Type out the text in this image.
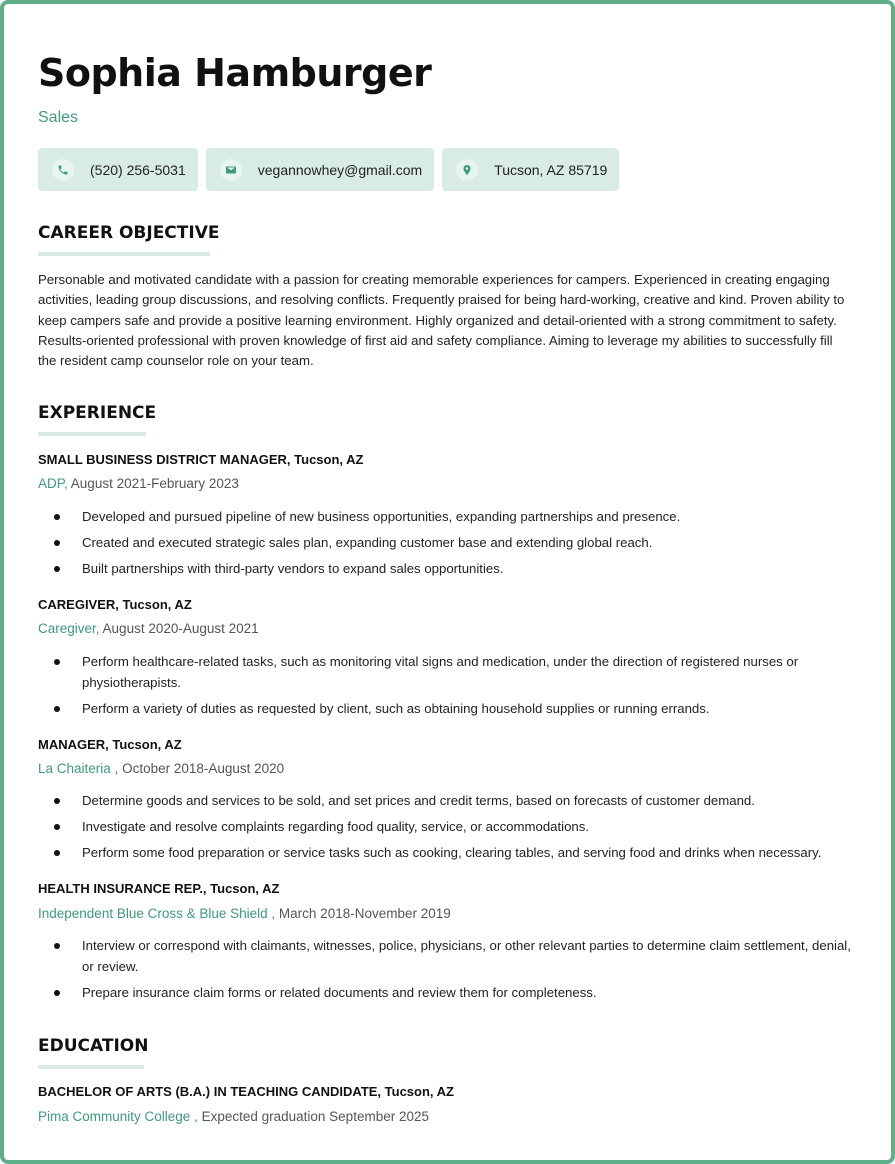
Sophia Hamburger
Sales
(520) 256-5031	vegannowhey@gmail.com	Tucson, AZ 85719
CAREER OBJECTIVE

Personable and motivated candidate with a passion for creating memorable experiences for campers. Experienced in creating engaging activities, leading group discussions, and resolving conflicts. Frequently praised for being hard-working, creative and kind. Proven ability to keep campers safe and provide a positive learning environment. Highly organized and detail-oriented with a strong commitment to safety. Results-oriented professional with proven knowledge of first aid and safety compliance. Aiming to leverage my abilities to successfully fill the resident camp counselor role on your team.

EXPERIENCE
SMALL BUSINESS DISTRICT MANAGER, Tucson, AZ
ADP, August 2021-February 2023
Developed and pursued pipeline of new business opportunities, expanding partnerships and presence.
Created and executed strategic sales plan, expanding customer base and extending global reach.
Built partnerships with third-party vendors to expand sales opportunities.
CAREGIVER, Tucson, AZ
Caregiver, August 2020-August 2021
Perform healthcare-related tasks, such as monitoring vital signs and medication, under the direction of registered nurses or physiotherapists.
Perform a variety of duties as requested by client, such as obtaining household supplies or running errands.
MANAGER, Tucson, AZ
La Chaiteria , October 2018-August 2020
Determine goods and services to be sold, and set prices and credit terms, based on forecasts of customer demand.
Investigate and resolve complaints regarding food quality, service, or accommodations.
Perform some food preparation or service tasks such as cooking, clearing tables, and serving food and drinks when necessary.
HEALTH INSURANCE REP., Tucson, AZ
Independent Blue Cross & Blue Shield , March 2018-November 2019
Interview or correspond with claimants, witnesses, police, physicians, or other relevant parties to determine claim settlement, denial, or review.
Prepare insurance claim forms or related documents and review them for completeness.
EDUCATION
BACHELOR OF ARTS (B.A.) IN TEACHING CANDIDATE, Tucson, AZ
Pima Community College , Expected graduation September 2025
